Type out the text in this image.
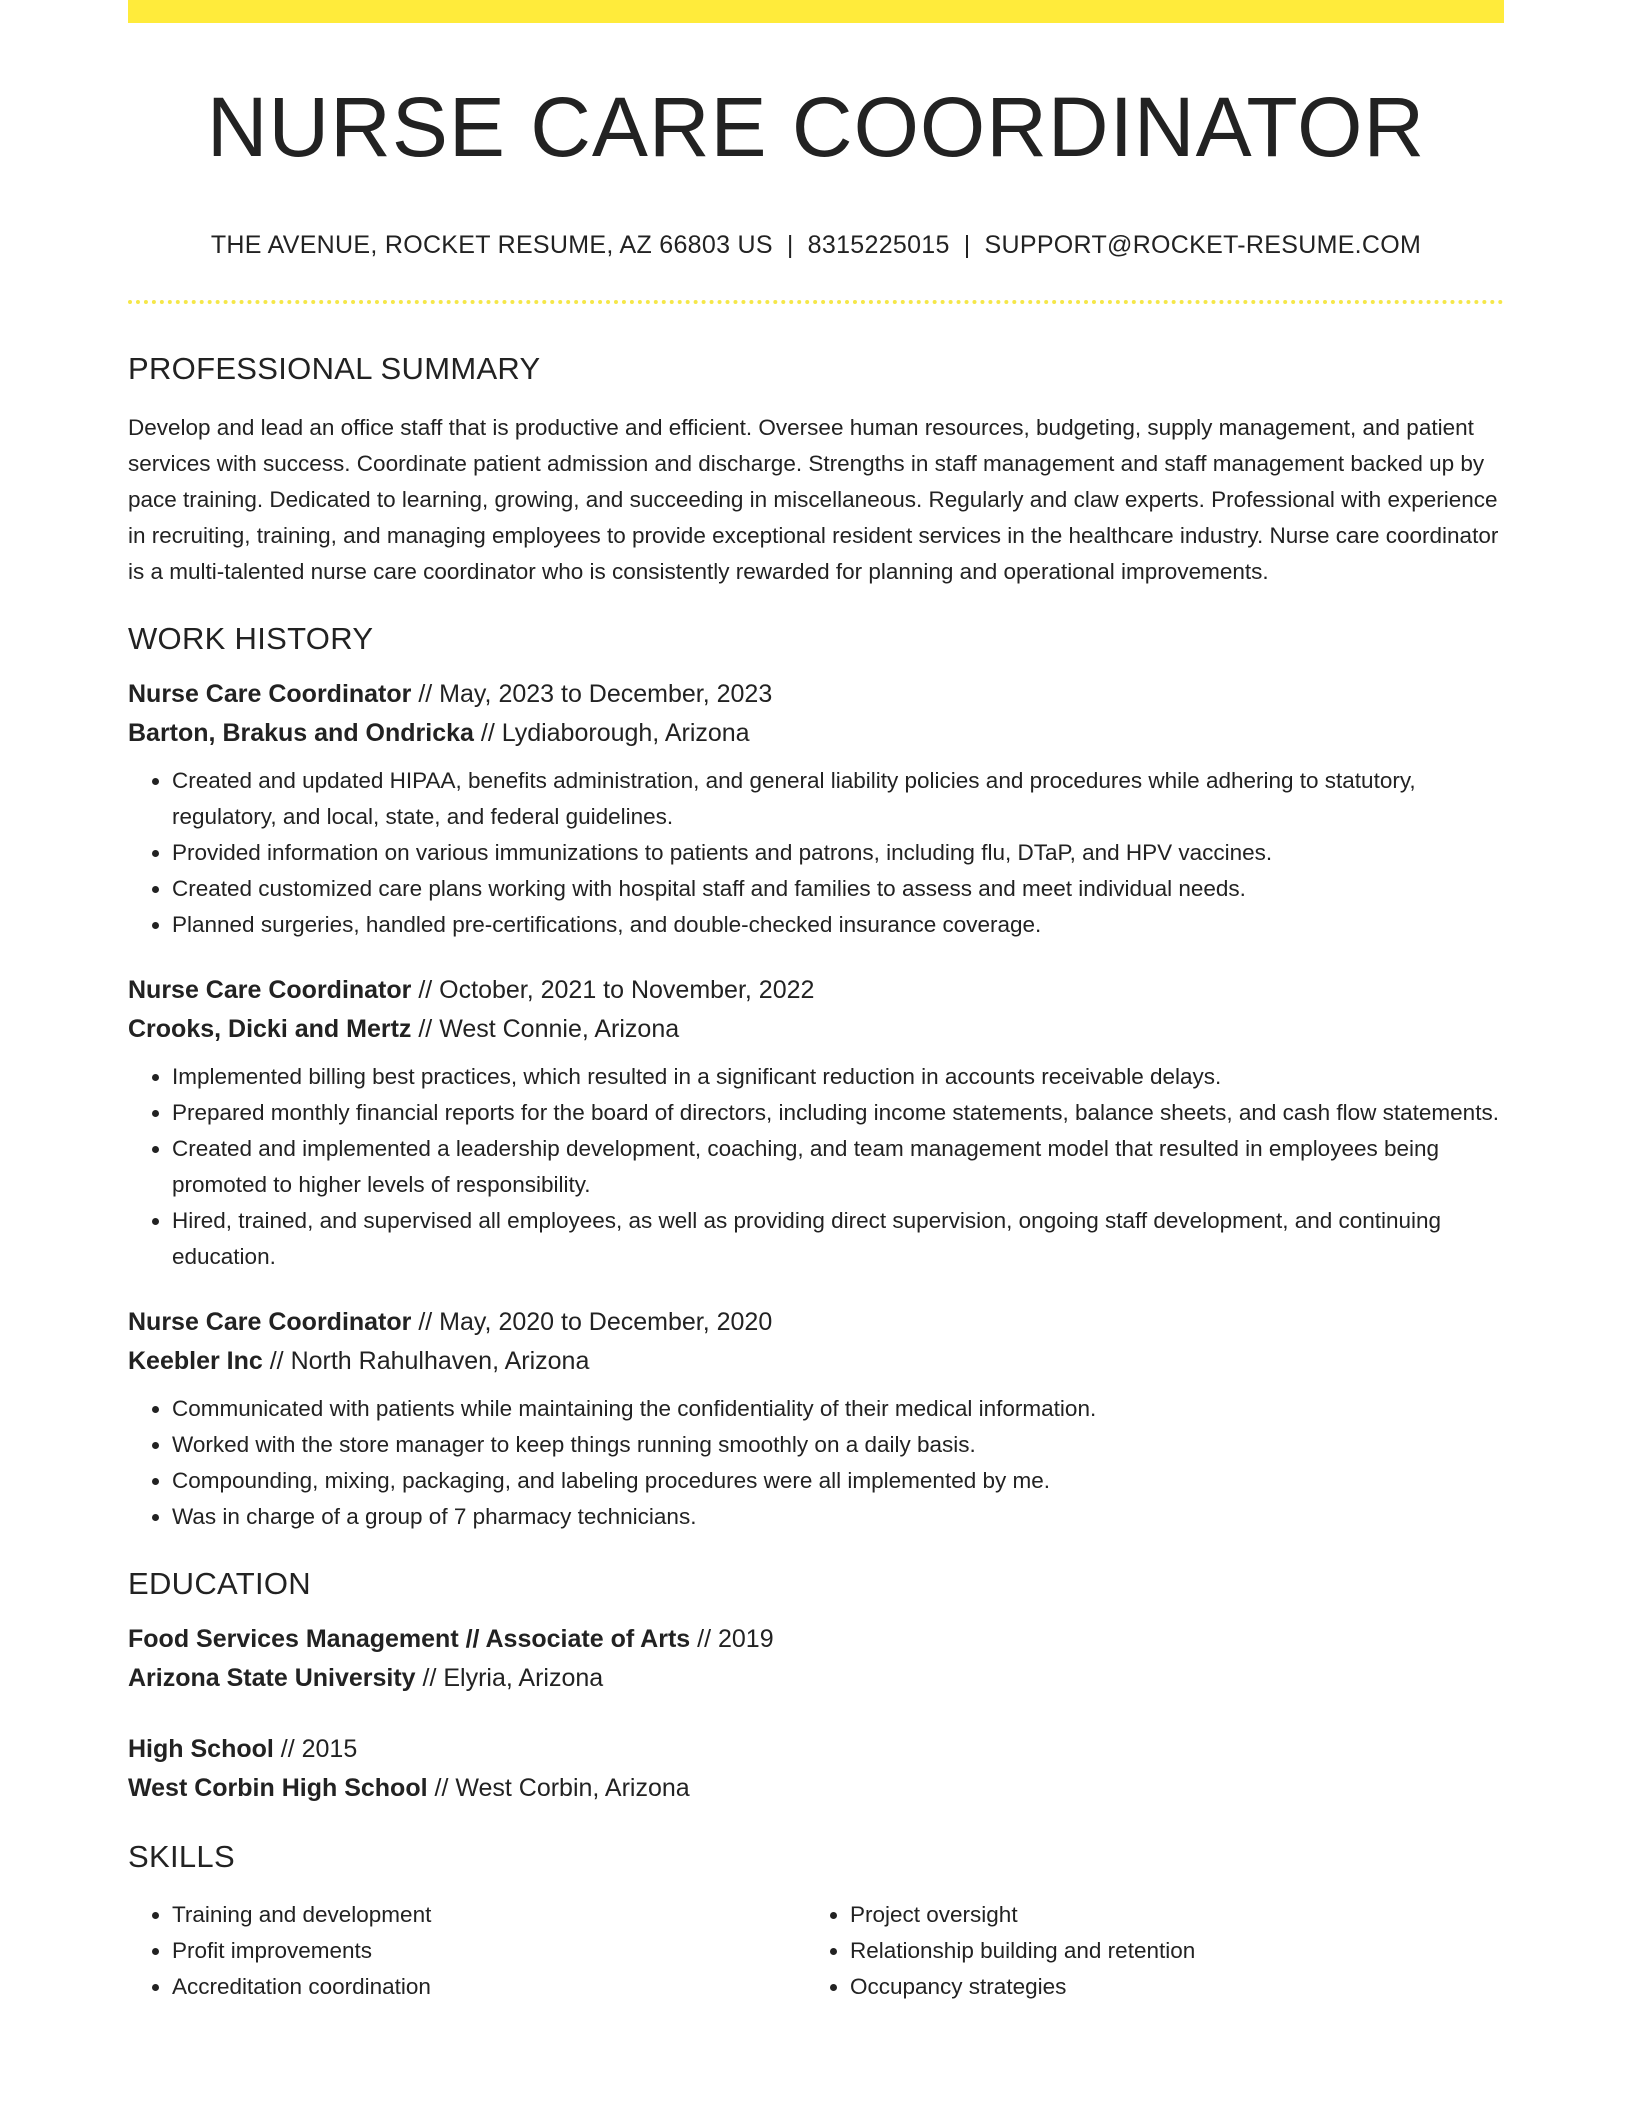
NURSE CARE COORDINATOR
THE AVENUE, ROCKET RESUME, AZ 66803 US | 8315225015 | SUPPORT@ROCKET-RESUME.COM
PROFESSIONAL SUMMARY

Develop and lead an office staff that is productive and efficient. Oversee human resources, budgeting, supply management, and patient services with success. Coordinate patient admission and discharge. Strengths in staff management and staff management backed up by pace training. Dedicated to learning, growing, and succeeding in miscellaneous. Regularly and claw experts. Professional with experience in recruiting, training, and managing employees to provide exceptional resident services in the healthcare industry. Nurse care coordinator is a multi-talented nurse care coordinator who is consistently rewarded for planning and operational improvements.

WORK HISTORY
Nurse Care Coordinator // May, 2023 to December, 2023
Barton, Brakus and Ondricka // Lydiaborough, Arizona
• Created and updated HIPAA, benefits administration, and general liability policies and procedures while adhering to statutory, regulatory, and local, state, and federal guidelines.
• Provided information on various immunizations to patients and patrons, including flu, DTaP, and HPV vaccines.
• Created customized care plans working with hospital staff and families to assess and meet individual needs.
• Planned surgeries, handled pre-certifications, and double-checked insurance coverage.
Nurse Care Coordinator // October, 2021 to November, 2022
Crooks, Dicki and Mertz // West Connie, Arizona
• Implemented billing best practices, which resulted in a significant reduction in accounts receivable delays.
• Prepared monthly financial reports for the board of directors, including income statements, balance sheets, and cash flow statements.
• Created and implemented a leadership development, coaching, and team management model that resulted in employees being promoted to higher levels of responsibility.
• Hired, trained, and supervised all employees, as well as providing direct supervision, ongoing staff development, and continuing education.
Nurse Care Coordinator // May, 2020 to December, 2020
Keebler Inc // North Rahulhaven, Arizona
• Communicated with patients while maintaining the confidentiality of their medical information.
• Worked with the store manager to keep things running smoothly on a daily basis.
• Compounding, mixing, packaging, and labeling procedures were all implemented by me.
• Was in charge of a group of 7 pharmacy technicians.
EDUCATION
Food Services Management // Associate of Arts // 2019
Arizona State University // Elyria, Arizona
High School // 2015
West Corbin High School // West Corbin, Arizona
SKILLS
• Training and development
• Profit improvements
• Accreditation coordination
• Project oversight
• Relationship building and retention
• Occupancy strategies
